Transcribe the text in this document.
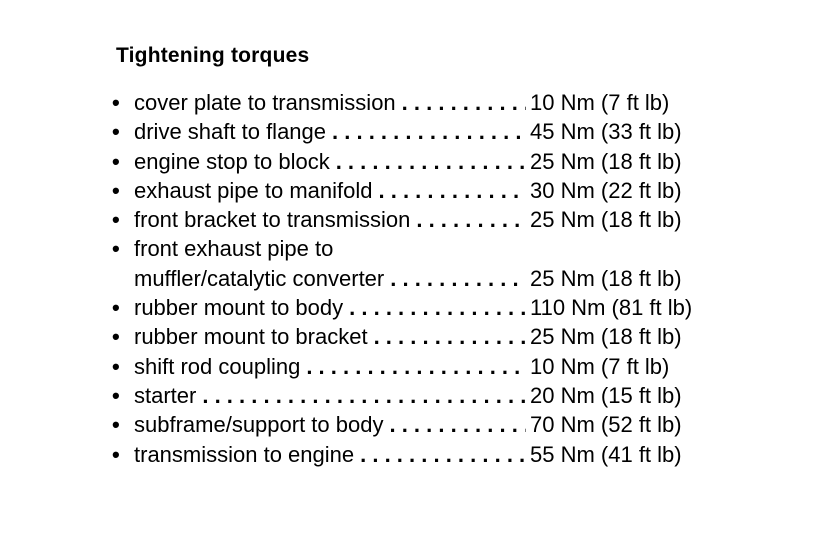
Tightening torques
• cover plate to transmission . . .	10 Nm (7 ft lb)
• drive shaft to flange . . .	45 Nm (33 ft lb)
• engine stop to block . . .	25 Nm (18 ft lb)
• exhaust pipe to manifold . . .	30 Nm (22 ft lb)
• front bracket to transmission . . .	25 Nm (18 ft lb)
• front exhaust pipe to
muffler/catalytic converter . . .	25 Nm (18 ft lb)
• rubber mount to body . . .	110 Nm (81 ft lb)
• rubber mount to bracket . . .	25 Nm (18 ft lb)
• shift rod coupling . . .	10 Nm (7 ft lb)
• starter . . .	20 Nm (15 ft lb)
• subframe/support to body . . .	70 Nm (52 ft lb)
• transmission to engine . . .	55 Nm (41 ft lb)
